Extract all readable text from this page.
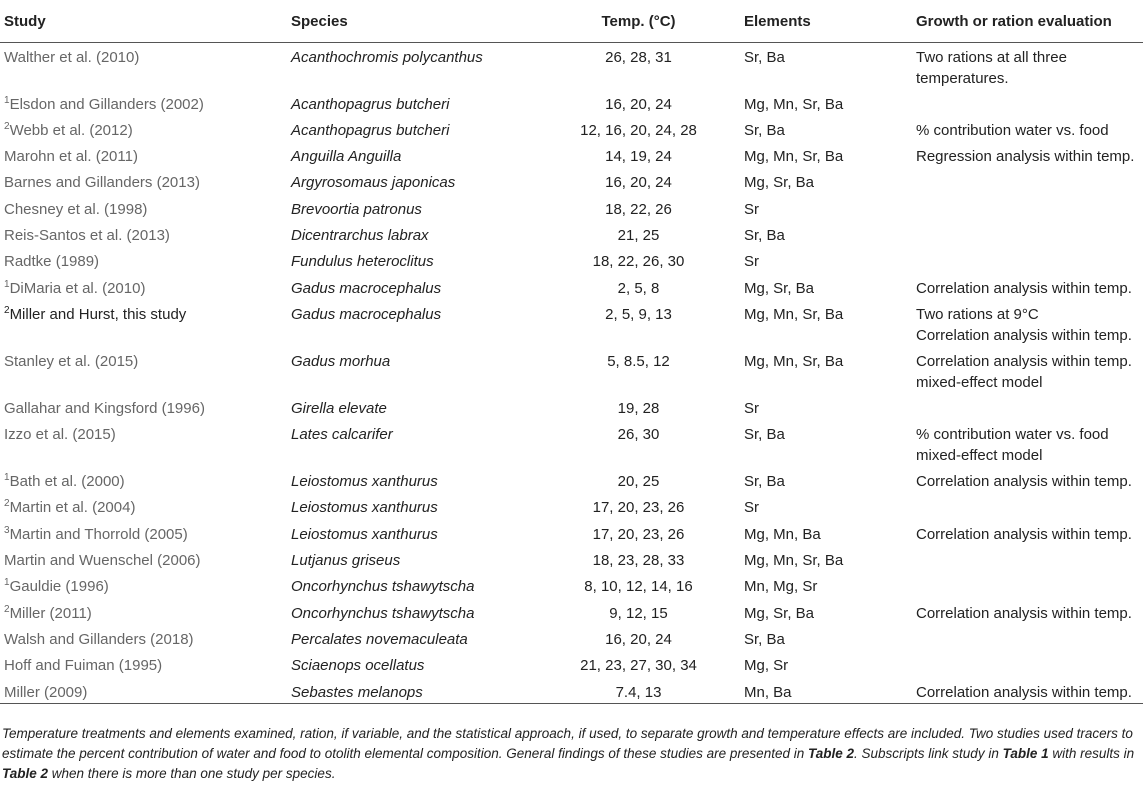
Study	Species	Temp. (°C)	Elements	Growth or ration evaluation
Walther et al. (2010)	Acanthochromis polycanthus	26, 28, 31	Sr, Ba	Two rations at all three
temperatures.

$^1$Elsdon and Gillanders (2002)	Acanthopagrus butcheri	16, 20, 24	Mg, Mn, Sr, Ba	
$^2$Webb et al. (2012)	Acanthopagrus butcheri	12, 16, 20, 24, 28	Sr, Ba	% contribution water vs. food

Marohn et al. (2011)	Anguilla Anguilla	14, 19, 24	Mg, Mn, Sr, Ba	Regression analysis within temp.

Barnes and Gillanders (2013)	Argyrosomaus japonicas	16, 20, 24	Mg, Sr, Ba	
Chesney et al. (1998)	Brevoortia patronus	18, 22, 26	Sr	
Reis-Santos et al. (2013)	Dicentrarchus labrax	21, 25	Sr, Ba	
Radtke (1989)	Fundulus heteroclitus	18, 22, 26, 30	Sr	
$^1$DiMaria et al. (2010)	Gadus macrocephalus	2, 5, 8	Mg, Sr, Ba	Correlation analysis within temp.

$^2$Miller and Hurst, this study	Gadus macrocephalus	2, 5, 9, 13	Mg, Mn, Sr, Ba	Two rations at 9°C
Correlation analysis within temp.

Stanley et al. (2015)	Gadus morhua	5, 8.5, 12	Mg, Mn, Sr, Ba	Correlation analysis within temp.
mixed-effect model

Gallahar and Kingsford (1996)	Girella elevate	19, 28	Sr	
Izzo et al. (2015)	Lates calcarifer	26, 30	Sr, Ba	% contribution water vs. food
mixed-effect model

$^1$Bath et al. (2000)	Leiostomus xanthurus	20, 25	Sr, Ba	Correlation analysis within temp.

$^2$Martin et al. (2004)	Leiostomus xanthurus	17, 20, 23, 26	Sr	
$^3$Martin and Thorrold (2005)	Leiostomus xanthurus	17, 20, 23, 26	Mg, Mn, Ba	Correlation analysis within temp.

Martin and Wuenschel (2006)	Lutjanus griseus	18, 23, 28, 33	Mg, Mn, Sr, Ba	
$^1$Gauldie (1996)	Oncorhynchus tshawytscha	8, 10, 12, 14, 16	Mn, Mg, Sr	
$^2$Miller (2011)	Oncorhynchus tshawytscha	9, 12, 15	Mg, Sr, Ba	Correlation analysis within temp.

Walsh and Gillanders (2018)	Percalates novemaculeata	16, 20, 24	Sr, Ba	
Hoff and Fuiman (1995)	Sciaenops ocellatus	21, 23, 27, 30, 34	Mg, Sr	
Miller (2009)	Sebastes melanops	7.4, 13	Mn, Ba	Correlation analysis within temp.
Temperature treatments and elements examined, ration, if variable, and the statistical approach, if used, to separate growth and temperature effects are included. Two studies used tracers to estimate the percent contribution of water and food to otolith elemental composition. General findings of these studies are presented in Table 2. Subscripts link study in Table 1 with results in Table 2 when there is more than one study per species.
